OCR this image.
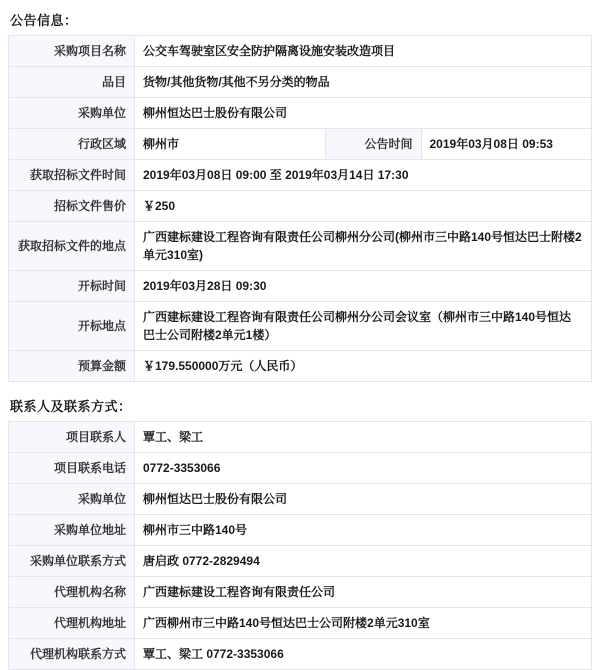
公告信息：
采购项目名称	公交车驾驶室区安全防护隔离设施安装改造项目
品目	货物/其他货物/其他不另分类的物品
采购单位	柳州恒达巴士股份有限公司
行政区域	柳州市	公告时间	2019年03月08日 09:53

获取招标文件时间	2019年03月08日 09:00 至 2019年03月14日 17:30
招标文件售价	￥250
获取招标文件的地点	广西建标建设工程咨询有限责任公司柳州分公司(柳州市三中路140号恒达巴士附楼2单元310室)
开标时间	2019年03月28日 09:30
开标地点	广西建标建设工程咨询有限责任公司柳州分公司会议室（柳州市三中路140号恒达巴士公司附楼2单元1楼）
预算金额	￥179.550000万元（人民币）
联系人及联系方式：
项目联系人	覃工、梁工
项目联系电话	0772-3353066
采购单位	柳州恒达巴士股份有限公司
采购单位地址	柳州市三中路140号
采购单位联系方式	唐启政 0772-2829494
代理机构名称	广西建标建设工程咨询有限责任公司
代理机构地址	广西柳州市三中路140号恒达巴士公司附楼2单元310室
代理机构联系方式	覃工、梁工 0772-3353066
